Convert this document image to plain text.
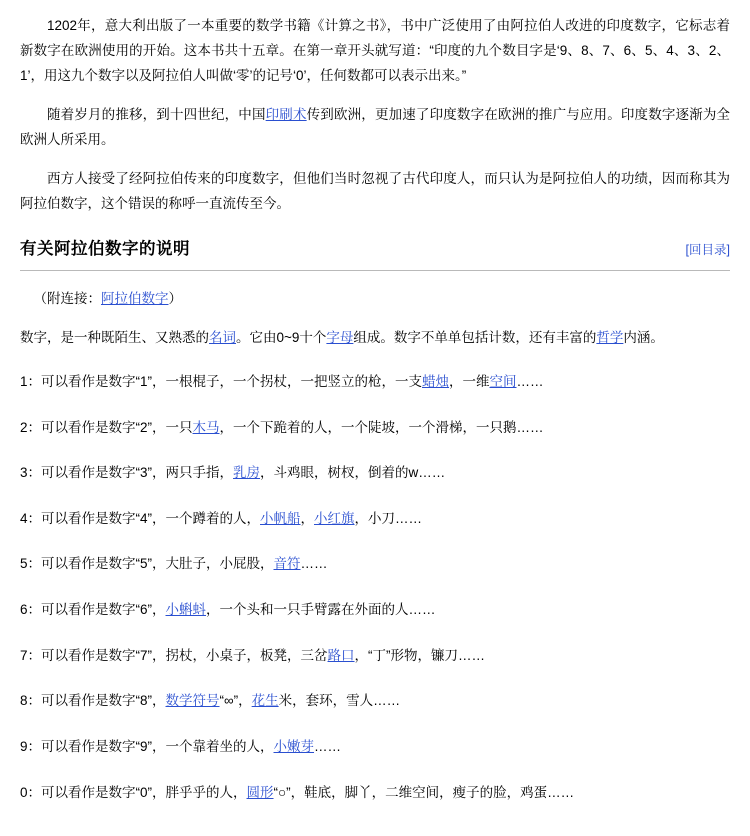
1202年，意大利出版了一本重要的数学书籍《计算之书》，书中广泛使用了由阿拉伯人改进的印度数字，它标志着新数字在欧洲使用的开始。这本书共十五章。在第一章开头就写道：“印度的九个数目字是‘9、8、7、6、5、4、3、2、1’，用这九个数字以及阿拉伯人叫做‘零’的记号‘0’，任何数都可以表示出来。”

随着岁月的推移，到十四世纪，中国印刷术传到欧洲，更加速了印度数字在欧洲的推广与应用。印度数字逐渐为全欧洲人所采用。

西方人接受了经阿拉伯传来的印度数字，但他们当时忽视了古代印度人，而只认为是阿拉伯人的功绩，因而称其为阿拉伯数字，这个错误的称呼一直流传至今。

有关阿拉伯数字的说明	[回目录]

（附连接：阿拉伯数字）

数字，是一种既陌生、又熟悉的名词。它由0~9十个字母组成。数字不单单包括计数，还有丰富的哲学内涵。

1：可以看作是数字“1”，一根棍子，一个拐杖，一把竖立的枪，一支蜡烛，一维空间……

2：可以看作是数字“2”，一只木马，一个下跪着的人，一个陡坡，一个滑梯，一只鹅……

3：可以看作是数字“3”，两只手指，乳房，斗鸡眼，树杈，倒着的w……

4：可以看作是数字“4”，一个蹲着的人，小帆船，小红旗，小刀……

5：可以看作是数字“5”，大肚子，小屁股，音符……

6：可以看作是数字“6”，小蝌蚪，一个头和一只手臂露在外面的人……

7：可以看作是数字“7”，拐杖，小桌子，板凳，三岔路口，“丁”形物，镰刀……

8：可以看作是数字“8”，数学符号“∞”，花生米，套环，雪人……

9：可以看作是数字“9”，一个靠着坐的人，小嫩芽……

0：可以看作是数字“0”，胖乎乎的人，圆形“○”，鞋底，脚丫，二维空间，瘦子的脸，鸡蛋……
